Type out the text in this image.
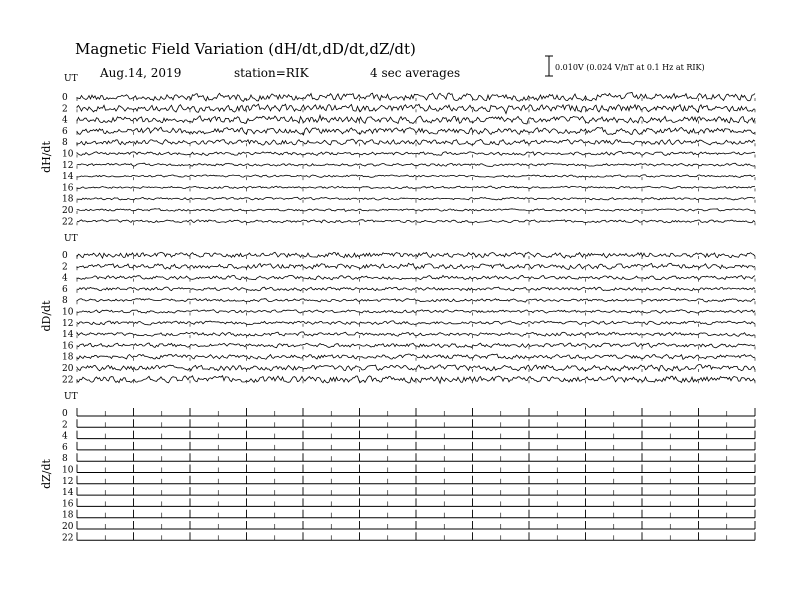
Magnetic Field Variation (dH/dt,dD/dt,dZ/dt)
Aug.14, 2019	station=RIK	4 sec averages	0.010V (0.024 V/nT at 0.1 Hz at RIK)
UT
dH/dt
0
2
4
6
8
10
12
14
16
18
20
22
UT
dD/dt
0
2
4
6
8
10
12
14
16
18
20
22
UT
dZ/dt
0
2
4
6
8
10
12
14
16
18
20
22
